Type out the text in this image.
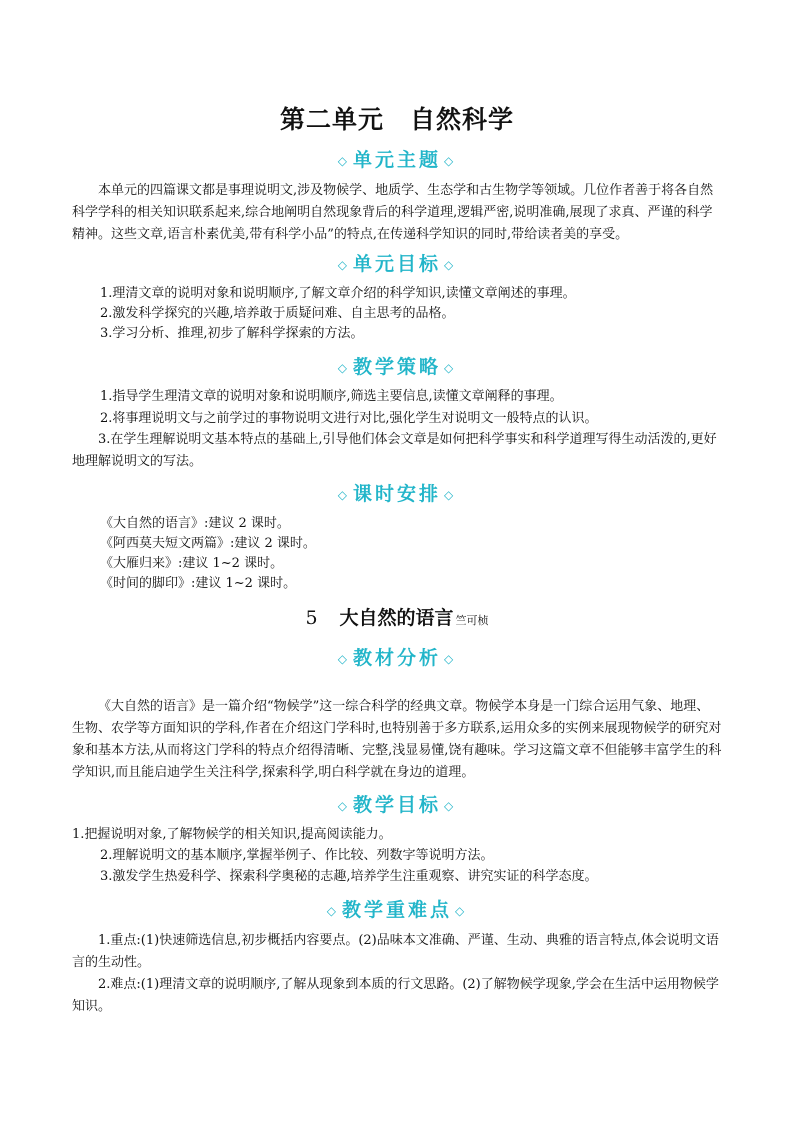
第二单元 自然科学
◇ 单元主题 ◇

本单元的四篇课文都是事理说明文,涉及物候学、地质学、生态学和古生物学等领域。几位作者善于将各自然科学学科的相关知识联系起来,综合地阐明自然现象背后的科学道理,逻辑严密,说明准确,展现了求真、严谨的科学精神。这些文章,语言朴素优美,带有科学小品”的特点,在传递科学知识的同时,带给读者美的享受。

◇ 单元目标 ◇
1.理清文章的说明对象和说明顺序,了解文章介绍的科学知识,读懂文章阐述的事理。
2.激发科学探究的兴趣,培养敢于质疑问难、自主思考的品格。
3.学习分析、推理,初步了解科学探索的方法。
◇ 教学策略 ◇
1.指导学生理清文章的说明对象和说明顺序,筛选主要信息,读懂文章阐释的事理。
2.将事理说明文与之前学过的事物说明文进行对比,强化学生对说明文一般特点的认识。

3.在学生理解说明文基本特点的基础上,引导他们体会文章是如何把科学事实和科学道理写得生动活泼的,更好地理解说明文的写法。

◇ 课时安排 ◇
《大自然的语言》:建议 2 课时。
《阿西莫夫短文两篇》:建议 2 课时。
《大雁归来》:建议 1~2 课时。
《时间的脚印》:建议 1~2 课时。
5 大自然的语言 竺可桢
◇ 教材分析 ◇

《大自然的语言》是一篇介绍“物候学”这一综合科学的经典文章。物候学本身是一门综合运用气象、地理、生物、农学等方面知识的学科,作者在介绍这门学科时,也特别善于多方联系,运用众多的实例来展现物候学的研究对象和基本方法,从而将这门学科的特点介绍得清晰、完整,浅显易懂,饶有趣味。学习这篇文章不但能够丰富学生的科学知识,而且能启迪学生关注科学,探索科学,明白科学就在身边的道理。

◇ 教学目标 ◇
1.把握说明对象,了解物候学的相关知识,提高阅读能力。
2.理解说明文的基本顺序,掌握举例子、作比较、列数字等说明方法。
3.激发学生热爱科学、探索科学奥秘的志趣,培养学生注重观察、讲究实证的科学态度。
◇ 教学重难点 ◇

1.重点:(1)快速筛选信息,初步概括内容要点。(2)品味本文准确、严谨、生动、典雅的语言特点,体会说明文语言的生动性。

2.难点:(1)理清文章的说明顺序,了解从现象到本质的行文思路。(2)了解物候学现象,学会在生活中运用物候学知识。
